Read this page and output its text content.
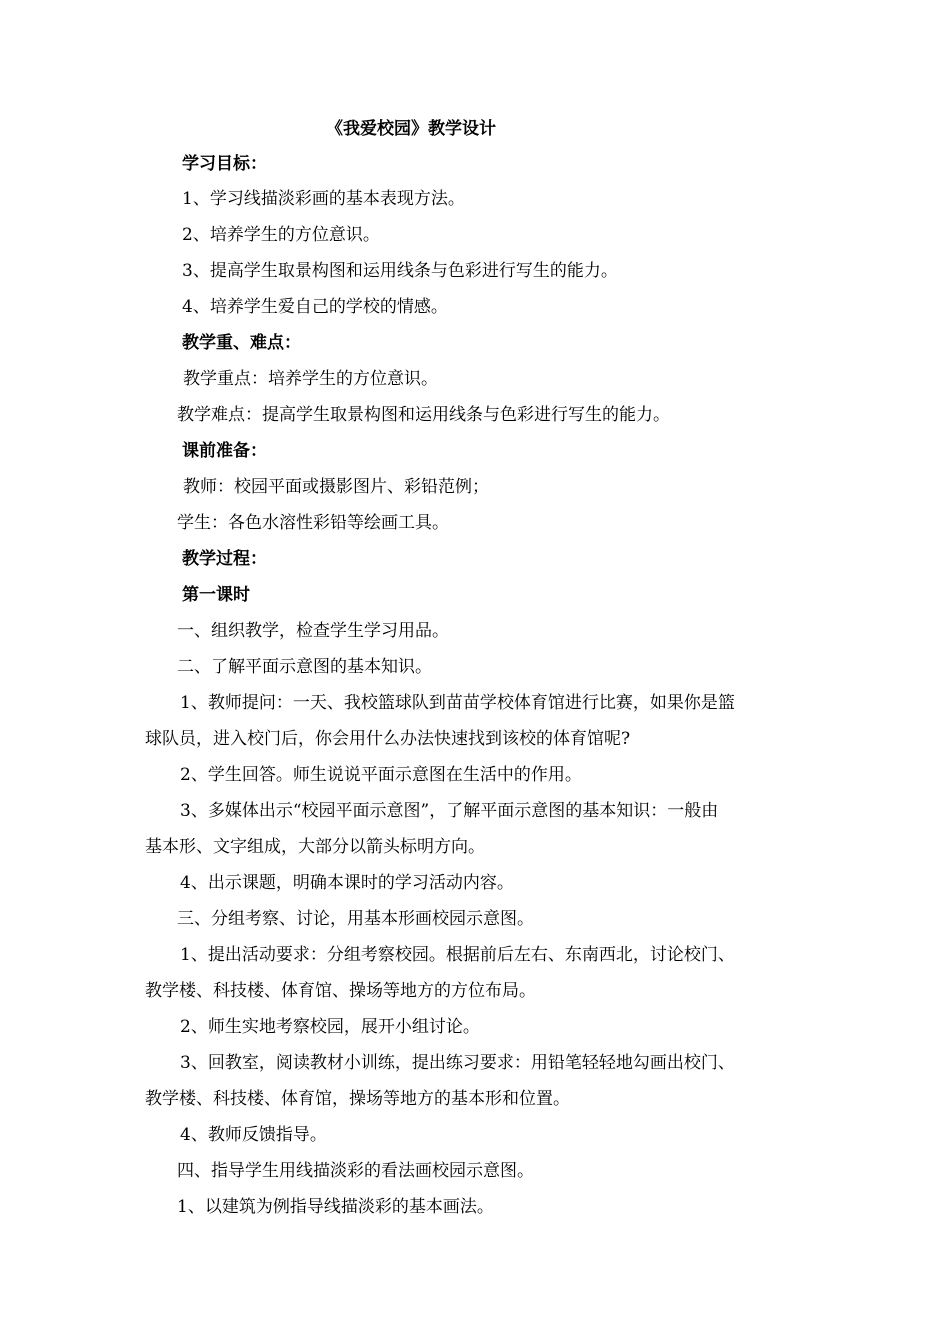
《我爱校园》教学设计
学习目标：
1、学习线描淡彩画的基本表现方法。
2、培养学生的方位意识。
3、提高学生取景构图和运用线条与色彩进行写生的能力。
4、培养学生爱自己的学校的情感。
教学重、难点：
教学重点：培养学生的方位意识。
教学难点：提高学生取景构图和运用线条与色彩进行写生的能力。
课前准备：
教师：校园平面或摄影图片、彩铅范例；
学生：各色水溶性彩铅等绘画工具。
教学过程：
第一课时
一、组织教学，检查学生学习用品。
二、了解平面示意图的基本知识。
1、教师提问：一天、我校篮球队到苗苗学校体育馆进行比赛，如果你是篮
球队员，进入校门后，你会用什么办法快速找到该校的体育馆呢?
2、学生回答。师生说说平面示意图在生活中的作用。
3、多媒体出示“校园平面示意图”，了解平面示意图的基本知识：一般由
基本形、文字组成，大部分以箭头标明方向。
4、出示课题，明确本课时的学习活动内容。
三、分组考察、讨论，用基本形画校园示意图。
1、提出活动要求：分组考察校园。根据前后左右、东南西北，讨论校门、
教学楼、科技楼、体育馆、操场等地方的方位布局。
2、师生实地考察校园，展开小组讨论。
3、回教室，阅读教材小训练，提出练习要求：用铅笔轻轻地勾画出校门、
教学楼、科技楼、体育馆，操场等地方的基本形和位置。
4、教师反馈指导。
四、指导学生用线描淡彩的看法画校园示意图。
1、以建筑为例指导线描淡彩的基本画法。
